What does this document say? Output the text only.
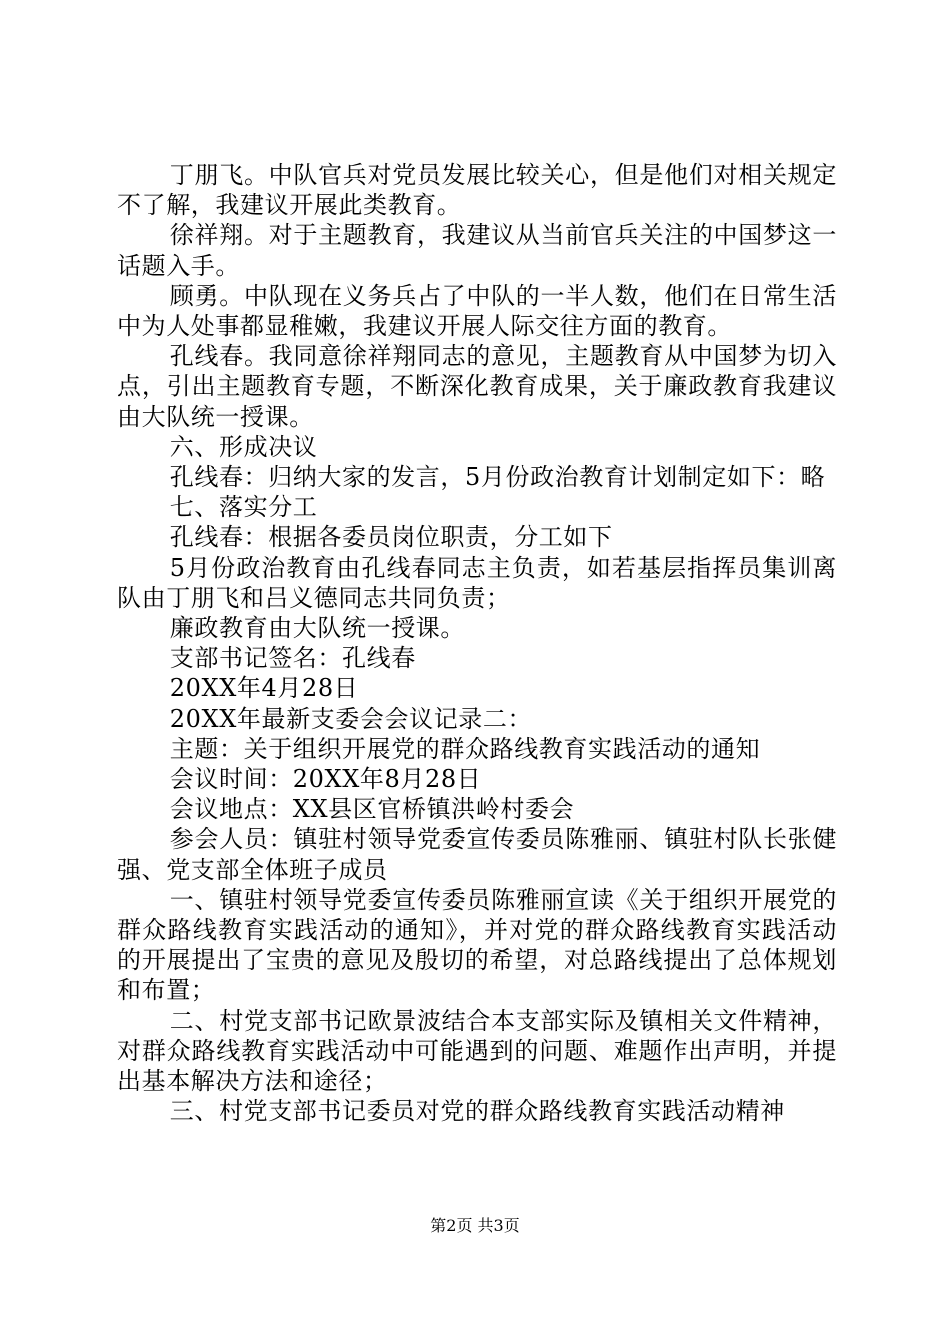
丁朋飞。中队官兵对党员发展比较关心，但是他们对相关规定不了解，我建议开展此类教育。

徐祥翔。对于主题教育，我建议从当前官兵关注的中国梦这一话题入手。

顾勇。中队现在义务兵占了中队的一半人数，他们在日常生活中为人处事都显稚嫩，我建议开展人际交往方面的教育。

孔线春。我同意徐祥翔同志的意见，主题教育从中国梦为切入点，引出主题教育专题，不断深化教育成果，关于廉政教育我建议由大队统一授课。

六、形成决议

孔线春：归纳大家的发言，5月份政治教育计划制定如下：略

七、落实分工

孔线春：根据各委员岗位职责，分工如下

5月份政治教育由孔线春同志主负责，如若基层指挥员集训离队由丁朋飞和吕义德同志共同负责；

廉政教育由大队统一授课。

支部书记签名：孔线春

20XX年4月28日

20XX年最新支委会会议记录二：

主题：关于组织开展党的群众路线教育实践活动的通知

会议时间：20XX年8月28日

会议地点：XX县区官桥镇洪岭村委会

参会人员：镇驻村领导党委宣传委员陈雅丽、镇驻村队长张健强、党支部全体班子成员

一、镇驻村领导党委宣传委员陈雅丽宣读《关于组织开展党的群众路线教育实践活动的通知》，并对党的群众路线教育实践活动的开展提出了宝贵的意见及殷切的希望，对总路线提出了总体规划和布置；

二、村党支部书记欧景波结合本支部实际及镇相关文件精神，对群众路线教育实践活动中可能遇到的问题、难题作出声明，并提出基本解决方法和途径；

三、村党支部书记委员对党的群众路线教育实践活动精神

第2页 共3页
